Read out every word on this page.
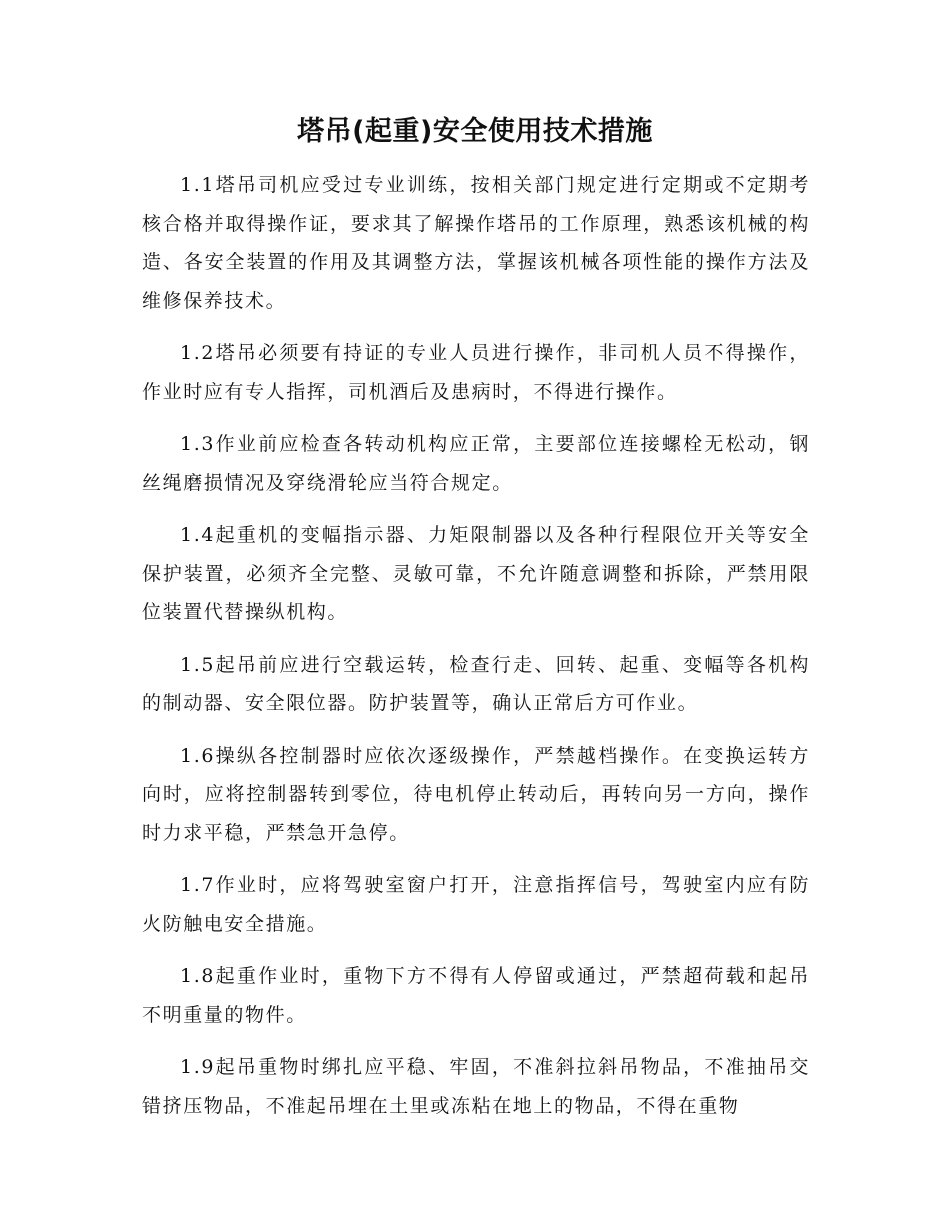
塔吊(起重)安全使用技术措施

1.1塔吊司机应受过专业训练，按相关部门规定进行定期或不定期考核合格并取得操作证，要求其了解操作塔吊的工作原理，熟悉该机械的构造、各安全装置的作用及其调整方法，掌握该机械各项性能的操作方法及维修保养技术。

1.2塔吊必须要有持证的专业人员进行操作，非司机人员不得操作，作业时应有专人指挥，司机酒后及患病时，不得进行操作。

1.3作业前应检查各转动机构应正常，主要部位连接螺栓无松动，钢丝绳磨损情况及穿绕滑轮应当符合规定。

1.4起重机的变幅指示器、力矩限制器以及各种行程限位开关等安全保护装置，必须齐全完整、灵敏可靠，不允许随意调整和拆除，严禁用限位装置代替操纵机构。

1.5起吊前应进行空载运转，检查行走、回转、起重、变幅等各机构的制动器、安全限位器。防护装置等，确认正常后方可作业。

1.6操纵各控制器时应依次逐级操作，严禁越档操作。在变换运转方向时，应将控制器转到零位，待电机停止转动后，再转向另一方向，操作时力求平稳，严禁急开急停。

1.7作业时，应将驾驶室窗户打开，注意指挥信号，驾驶室内应有防火防触电安全措施。

1.8起重作业时，重物下方不得有人停留或通过，严禁超荷载和起吊不明重量的物件。

1.9起吊重物时绑扎应平稳、牢固，不准斜拉斜吊物品，不准抽吊交错挤压物品，不准起吊埋在土里或冻粘在地上的物品，不得在重物
